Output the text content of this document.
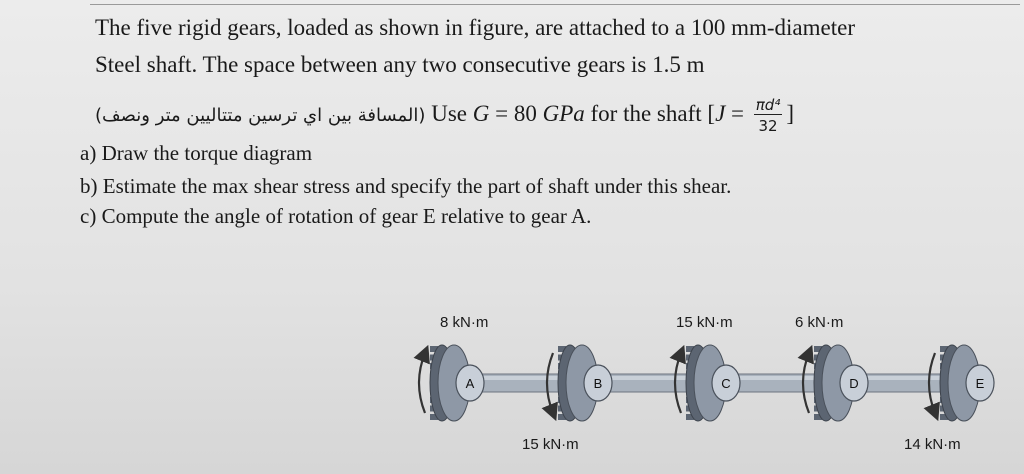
The five rigid gears, loaded as shown in figure, are attached to a 100 mm-diameter
Steel shaft. The space between any two consecutive gears is 1.5 m
(المسافة بين اي ترسين متتاليين متر ونصف) Use G = 80 GPa for the shaft [$J = \frac{\text{πd⁴}}{32}$ ]
a) Draw the torque diagram
b) Estimate the max shear stress and specify the part of shaft under this shear.
c) Compute the angle of rotation of gear E relative to gear A.
8 kN·m	15 kN·m	6 kN·m
15 kN·m	14 kN·m
A	B	C	D	E
